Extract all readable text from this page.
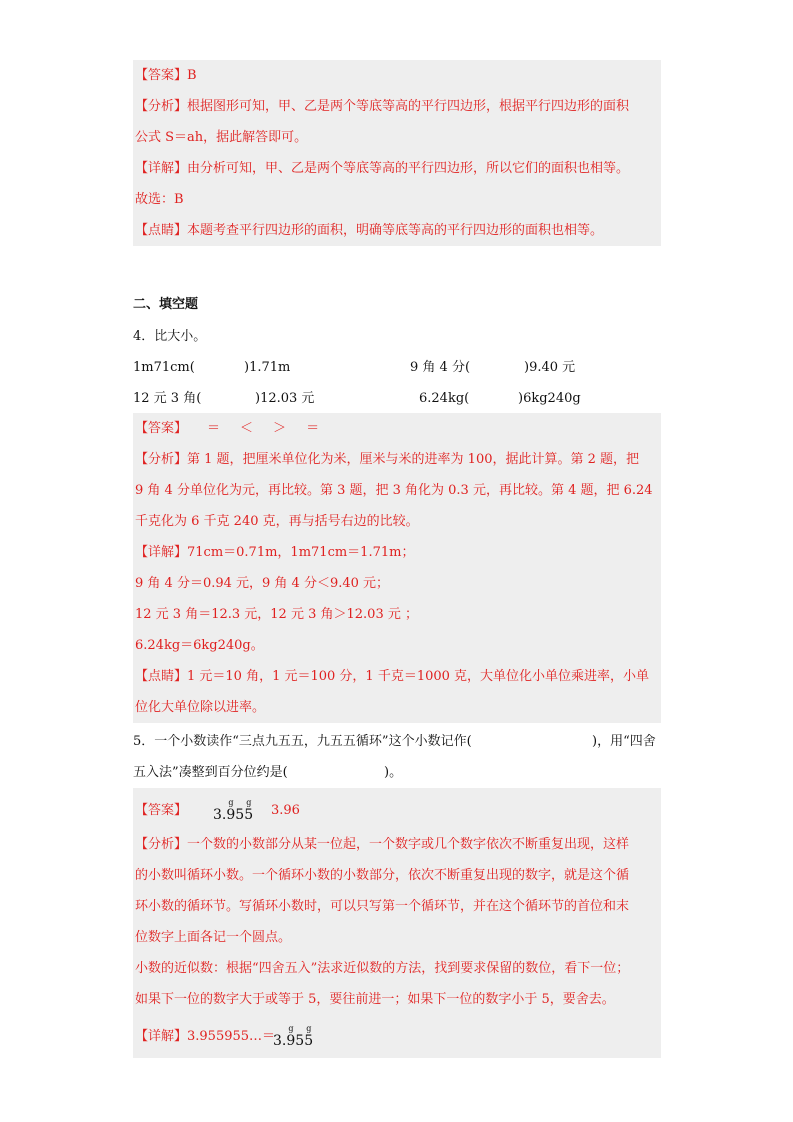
【答案】B
【分析】根据图形可知，甲、乙是两个等底等高的平行四边形，根据平行四边形的面积
公式 S＝ah，据此解答即可。
【详解】由分析可知，甲、乙是两个等底等高的平行四边形，所以它们的面积也相等。
故选：B
【点睛】本题考查平行四边形的面积，明确等底等高的平行四边形的面积也相等。
二、填空题
4．比大小。
1m71cm(	)1.71m	9 角 4 分(	)9.40 元
12 元 3 角(	)12.03 元	6.24kg(	)6kg240g
【答案】 ＝ ＜ ＞ ＝
【分析】第 1 题，把厘米单位化为米，厘米与米的进率为 100，据此计算。第 2 题，把
9 角 4 分单位化为元，再比较。第 3 题，把 3 角化为 0.3 元，再比较。第 4 题，把 6.24
千克化为 6 千克 240 克，再与括号右边的比较。
【详解】71cm＝0.71m，1m71cm＝1.71m；
9 角 4 分＝0.94 元，9 角 4 分＜9.40 元；
12 元 3 角＝12.3 元，12 元 3 角＞12.03 元 ；
6.24kg＝6kg240g。
【点睛】1 元＝10 角，1 元＝100 分，1 千克＝1000 克，大单位化小单位乘进率，小单
位化大单位除以进率。
5．一个小数读作“三点九五五，九五五循环”这个小数记作(	)，用“四舍
五入法”凑整到百分位约是(	)。
【答案】 3.
g
95
g
5 3.96
【分析】一个数的小数部分从某一位起，一个数字或几个数字依次不断重复出现，这样
的小数叫循环小数。一个循环小数的小数部分，依次不断重复出现的数字，就是这个循
环小数的循环节。写循环小数时，可以只写第一个循环节，并在这个循环节的首位和末
位数字上面各记一个圆点。
小数的近似数：根据“四舍五入”法求近似数的方法，找到要求保留的数位，看下一位；
如果下一位的数字大于或等于 5，要往前进一；如果下一位的数字小于 5，要舍去。
【详解】3.955955…＝
3.
g
95
g
5
